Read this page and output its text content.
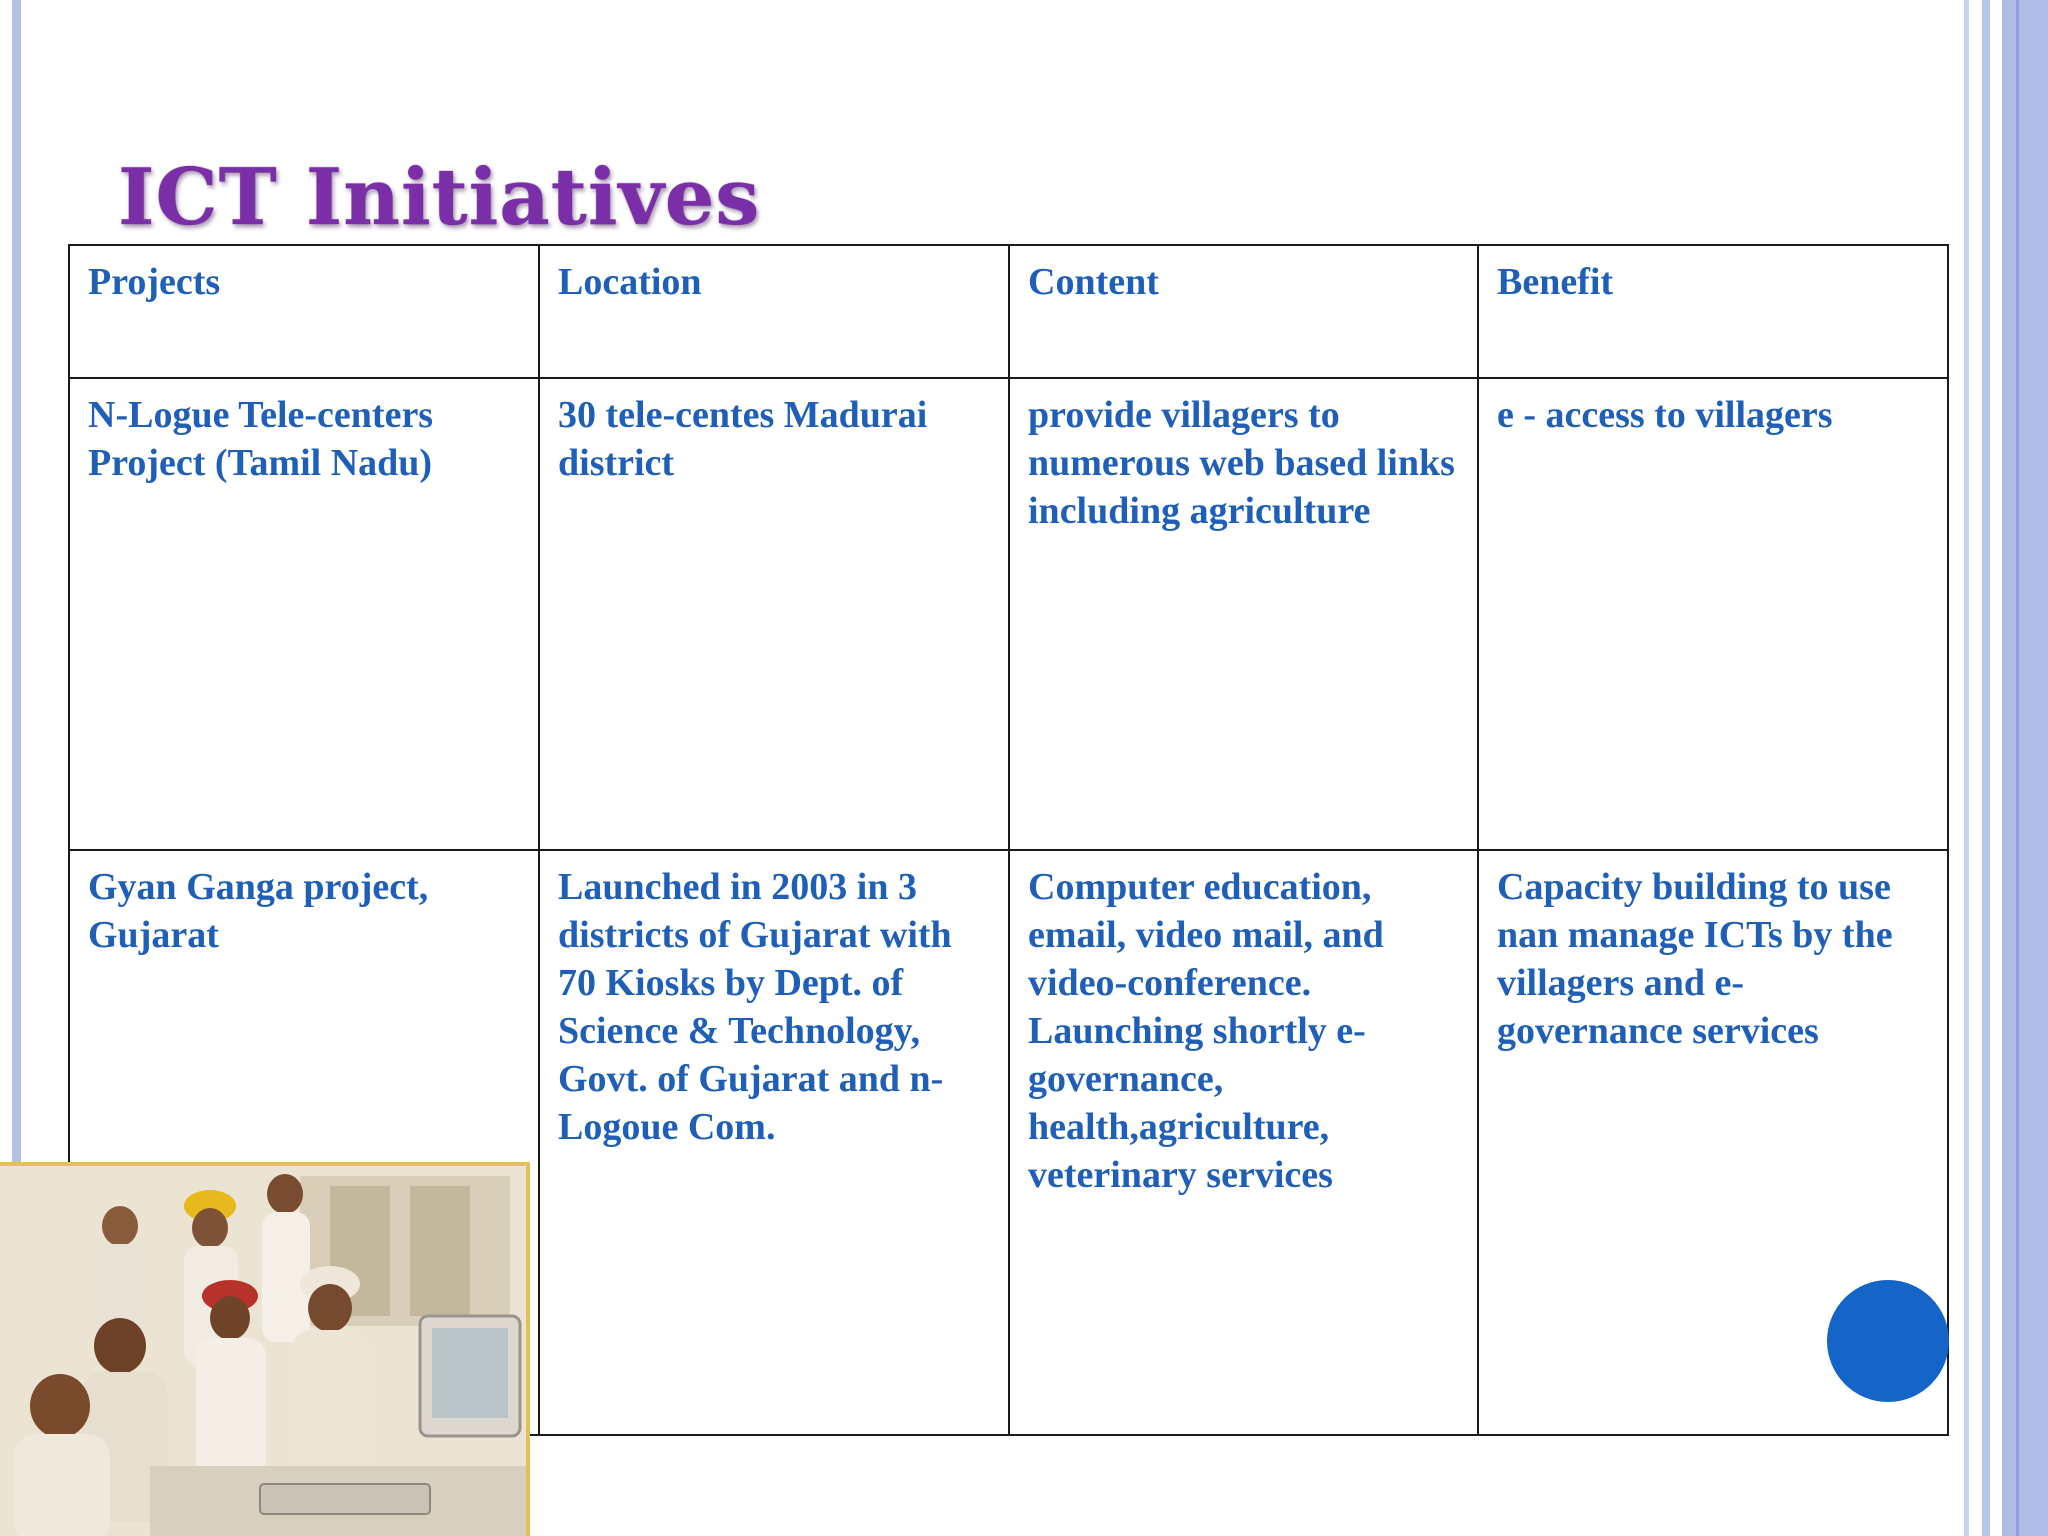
ICT Initiatives
Projects	Location	Content	Benefit
N-Logue Tele-centers Project (Tamil Nadu)	30 tele-centes Madurai district	provide villagers to numerous web based links including agriculture	e - access to villagers
Gyan Ganga project, Gujarat	Launched in 2003 in 3 districts of Gujarat with 70 Kiosks by Dept. of Science & Technology, Govt. of Gujarat and n-Logoue Com.	Computer education, email, video mail, and video-conference. Launching shortly e-governance, health,agriculture, veterinary services	Capacity building to use nan manage ICTs by the villagers and e-governance services
